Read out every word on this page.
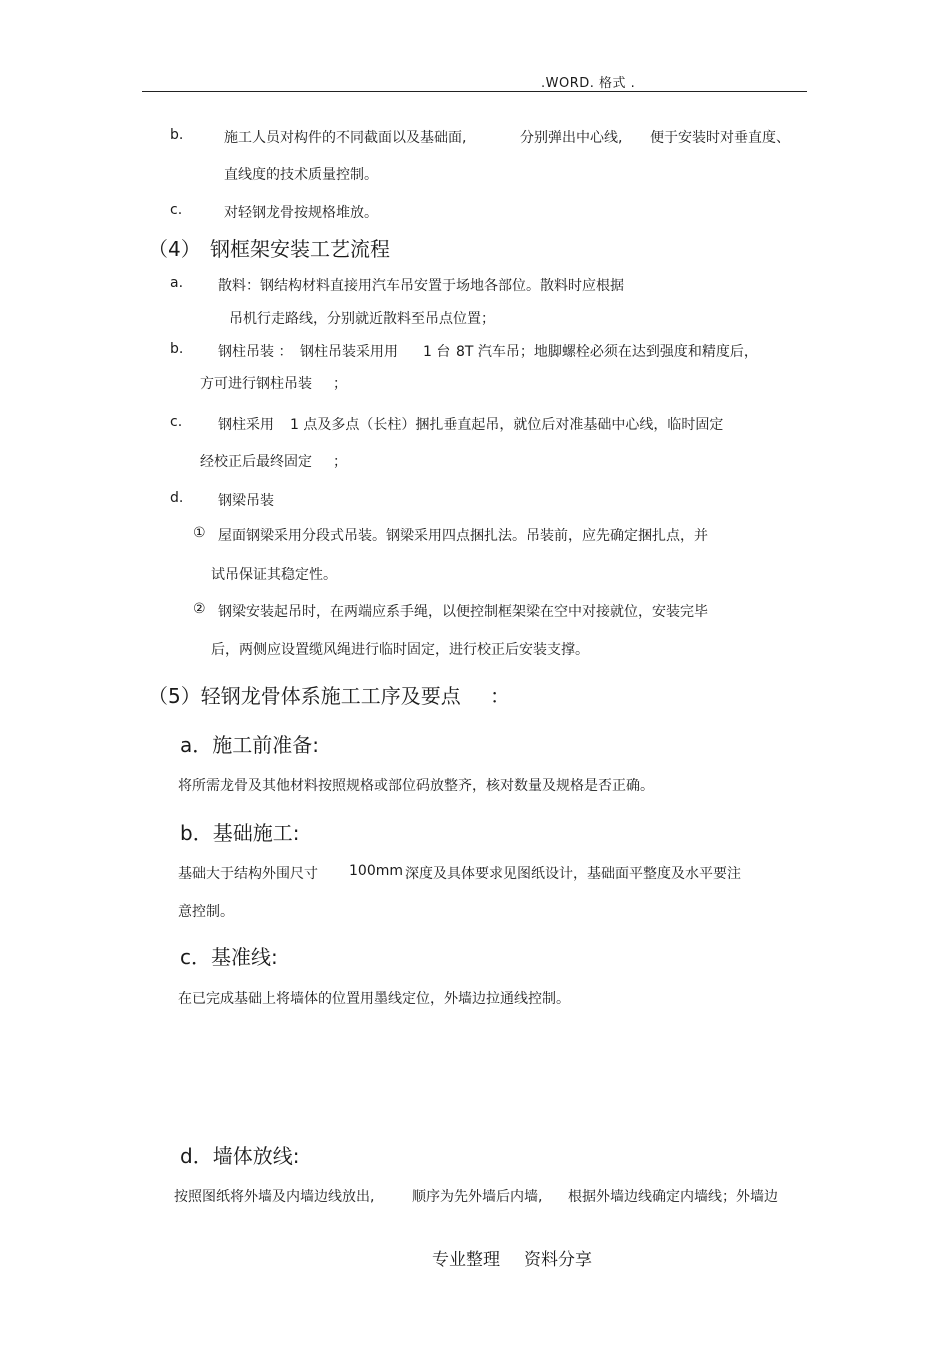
.WORD. 格式 .
b.	施工人员对构件的不同截面以及基础面,	分别弹出中心线, 便于安装时对垂直度、
直线度的技术质量控制。
c.	对轻钢龙骨按规格堆放。
（4） 钢框架安装工艺流程
a. 散料：钢结构材料直接用汽车吊安置于场地各部位。散料时应根据
吊机行走路线，分别就近散料至吊点位置；
b. 钢柱吊装 ： 钢柱吊装采用用 1 台 8T 汽车吊；地脚螺栓必须在达到强度和精度后，
方可进行钢柱吊装 ；
c.	钢柱采用 1 点及多点（长柱）捆扎垂直起吊，就位后对准基础中心线，临时固定
经校正后最终固定 ；
d. 钢梁吊装
① 屋面钢梁采用分段式吊装。钢梁采用四点捆扎法。吊装前，应先确定捆扎点，并
试吊保证其稳定性。
② 钢梁安装起吊时，在两端应系手绳，以便控制框架梁在空中对接就位，安装完毕
后，两侧应设置缆风绳进行临时固定，进行校正后安装支撑。
（5）轻钢龙骨体系施工工序及要点 ：
a．施工前准备:
将所需龙骨及其他材料按照规格或部位码放整齐，核对数量及规格是否正确。
b．基础施工:
基础大于结构外围尺寸 100mm 深度及具体要求见图纸设计，基础面平整度及水平要注
意控制。
c．基准线:
在已完成基础上将墙体的位置用墨线定位，外墙边拉通线控制。
d．墙体放线:
按照图纸将外墙及内墙边线放出,	顺序为先外墙后内墙, 根据外墙边线确定内墙线；外墙边
专业整理 资料分享
